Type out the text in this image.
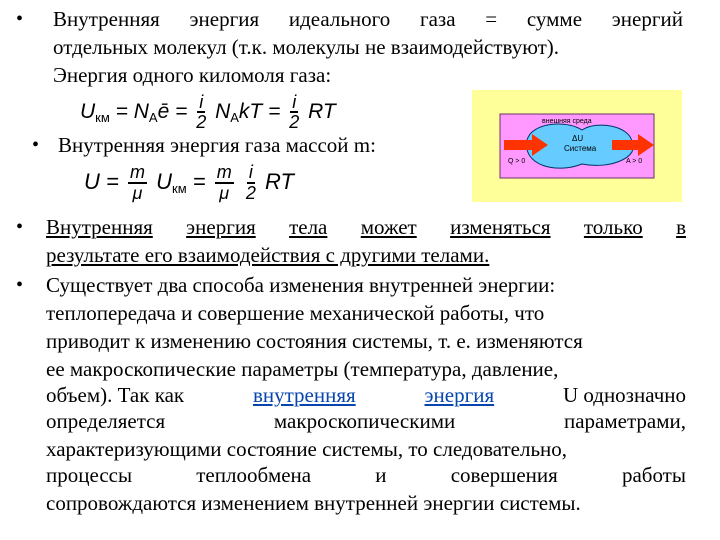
• Внутренняя энергия идеального газа = сумме энергий
отдельных молекул (т.к. молекулы не взаимодействуют).
Энергия одного киломоля газа:
$U_{км}$ = $N_Aē = \frac{i}{2} N_AkT = \frac{i}{2}$ RT	внешняя среда
ΔU
Система
Q > 0	A > 0
• Внутренняя энергия газа массой m:
$U = \frac{m}{\mu} U_{км} = \frac{m}{\mu}$
$\frac{i}{2}$ RT
• Внутренняя энергия тела может изменяться только в
результате его взаимодействия с другими телами.
• Существует два способа изменения внутренней энергии:
теплопередача и совершение механической работы, что
приводит к изменению состояния системы, т. е. изменяются
ее макроскопические параметры (температура, давление,
объем). Так как	внутренняя	энергия	U однозначно
определяется	макроскопическими	параметрами,
характеризующими состояние системы, то следовательно,
процессы	теплообмена	и	совершения	работы
сопровождаются изменением внутренней энергии системы.
